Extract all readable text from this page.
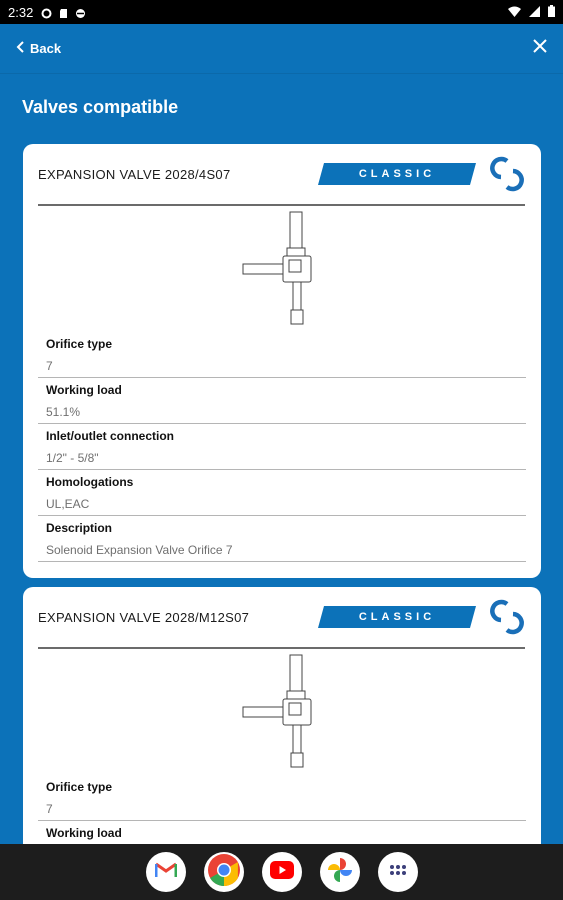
2:32
Back
Valves compatible
EXPANSION VALVE 2028/4S07	CLASSIC
Orifice type
7
Working load
51.1%
Inlet/outlet connection
1/2" - 5/8"
Homologations
UL,EAC
Description
Solenoid Expansion Valve Orifice 7
EXPANSION VALVE 2028/M12S07	CLASSIC
Orifice type
7
Working load
